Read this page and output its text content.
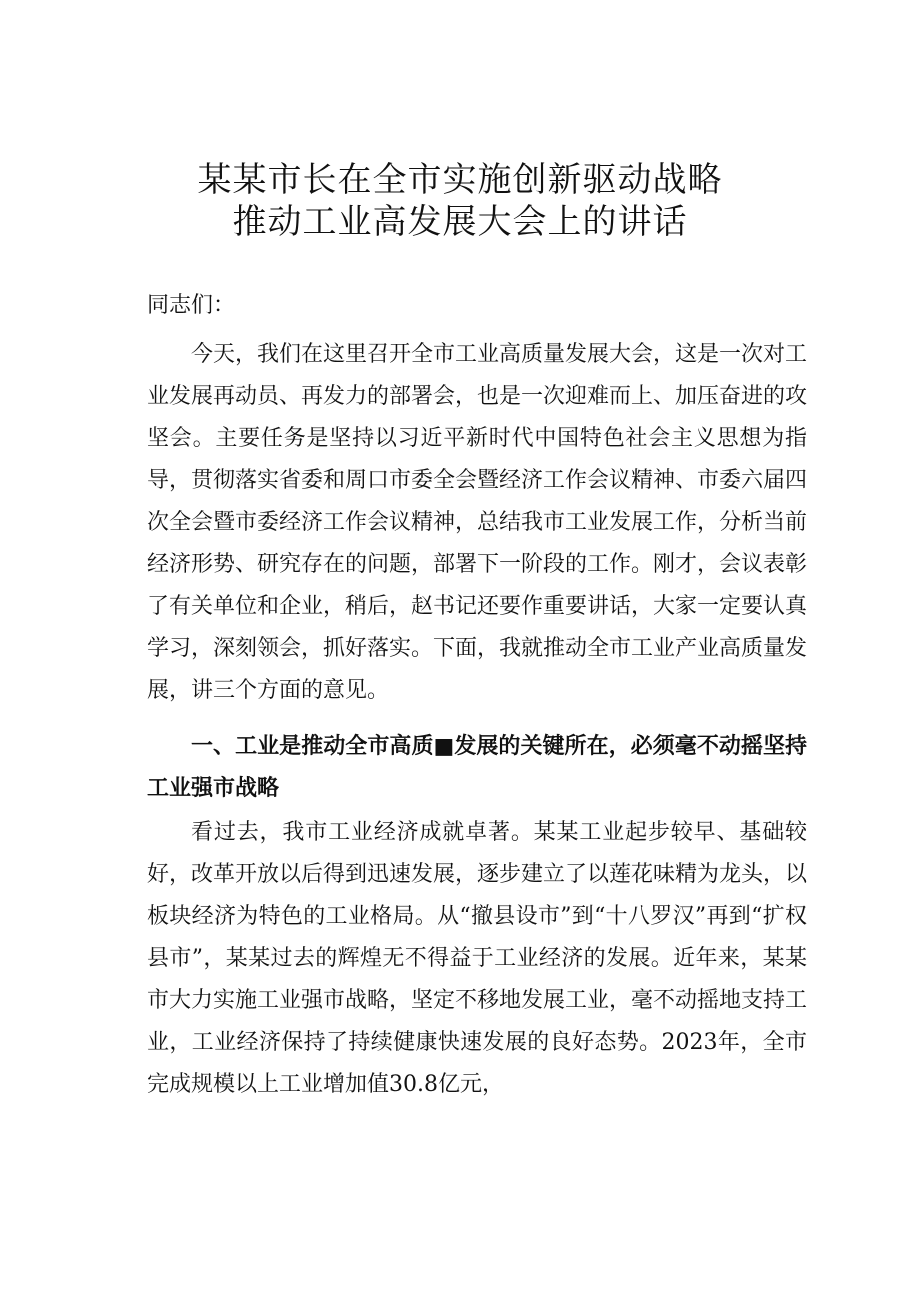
某某市长在全市实施创新驱动战略
推动工业高发展大会上的讲话

同志们：

今天，我们在这里召开全市工业高质量发展大会，这是一次对工业发展再动员、再发力的部署会，也是一次迎难而上、加压奋进的攻坚会。主要任务是坚持以习近平新时代中国特色社会主义思想为指导，贯彻落实省委和周口市委全会暨经济工作会议精神、市委六届四次全会暨市委经济工作会议精神，总结我市工业发展工作，分析当前经济形势、研究存在的问题，部署下一阶段的工作。刚才，会议表彰了有关单位和企业，稍后，赵书记还要作重要讲话，大家一定要认真学习，深刻领会，抓好落实。下面，我就推动全市工业产业高质量发展，讲三个方面的意见。

一、工业是推动全市高质■发展的关键所在，必须毫不动摇坚持工业强市战略

看过去，我市工业经济成就卓著。某某工业起步较早、基础较好，改革开放以后得到迅速发展，逐步建立了以莲花味精为龙头，以板块经济为特色的工业格局。从“撤县设市”到“十八罗汉”再到“扩权县市”，某某过去的辉煌无不得益于工业经济的发展。近年来，某某市大力实施工业强市战略，坚定不移地发展工业，毫不动摇地支持工业，工业经济保持了持续健康快速发展的良好态势。2023年，全市完成规模以上工业增加值30.8亿元，
